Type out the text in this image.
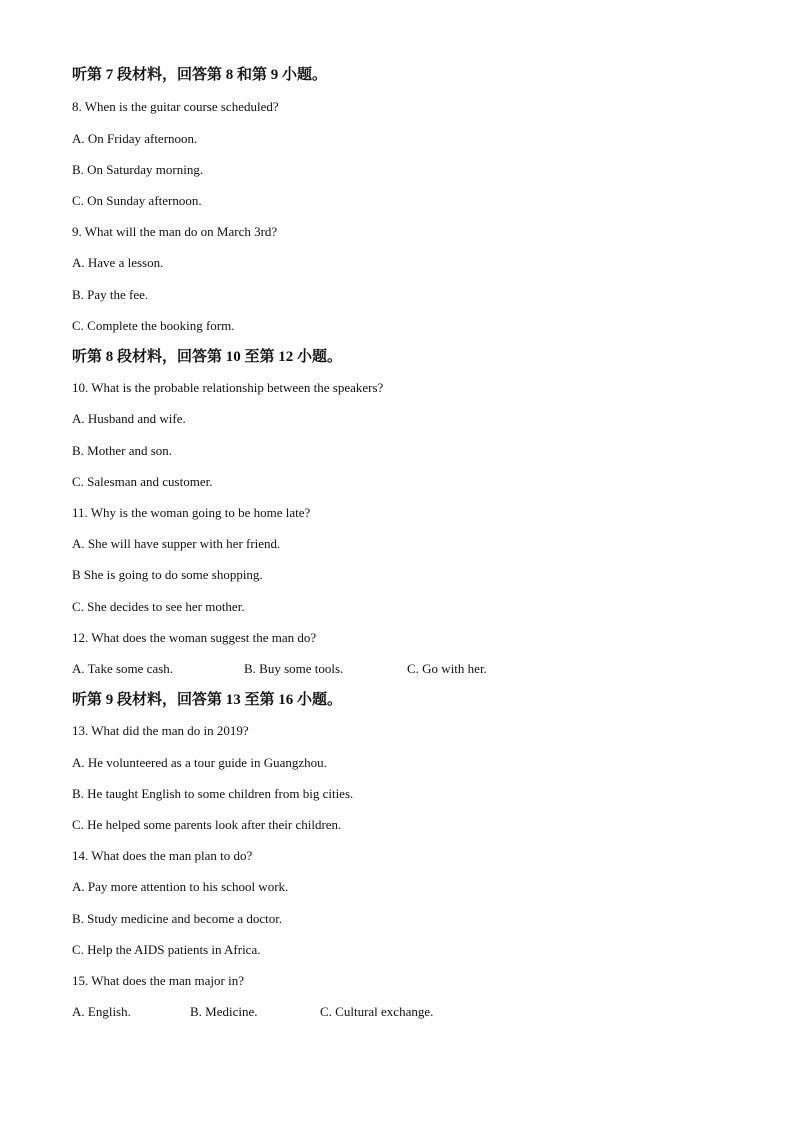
听第 7 段材料，回答第 8 和第 9 小题。
8. When is the guitar course scheduled?
A. On Friday afternoon.
B. On Saturday morning.
C. On Sunday afternoon.
9. What will the man do on March 3rd?
A. Have a lesson.
B. Pay the fee.
C. Complete the booking form.
听第 8 段材料，回答第 10 至第 12 小题。
10. What is the probable relationship between the speakers?
A. Husband and wife.
B. Mother and son.
C. Salesman and customer.
11. Why is the woman going to be home late?
A. She will have supper with her friend.
B She is going to do some shopping.
C. She decides to see her mother.
12. What does the woman suggest the man do?
A. Take some cash.	B. Buy some tools.	C. Go with her.
听第 9 段材料，回答第 13 至第 16 小题。
13. What did the man do in 2019?
A. He volunteered as a tour guide in Guangzhou.
B. He taught English to some children from big cities.
C. He helped some parents look after their children.
14. What does the man plan to do?
A. Pay more attention to his school work.
B. Study medicine and become a doctor.
C. Help the AIDS patients in Africa.
15. What does the man major in?
A. English.	B. Medicine.	C. Cultural exchange.
